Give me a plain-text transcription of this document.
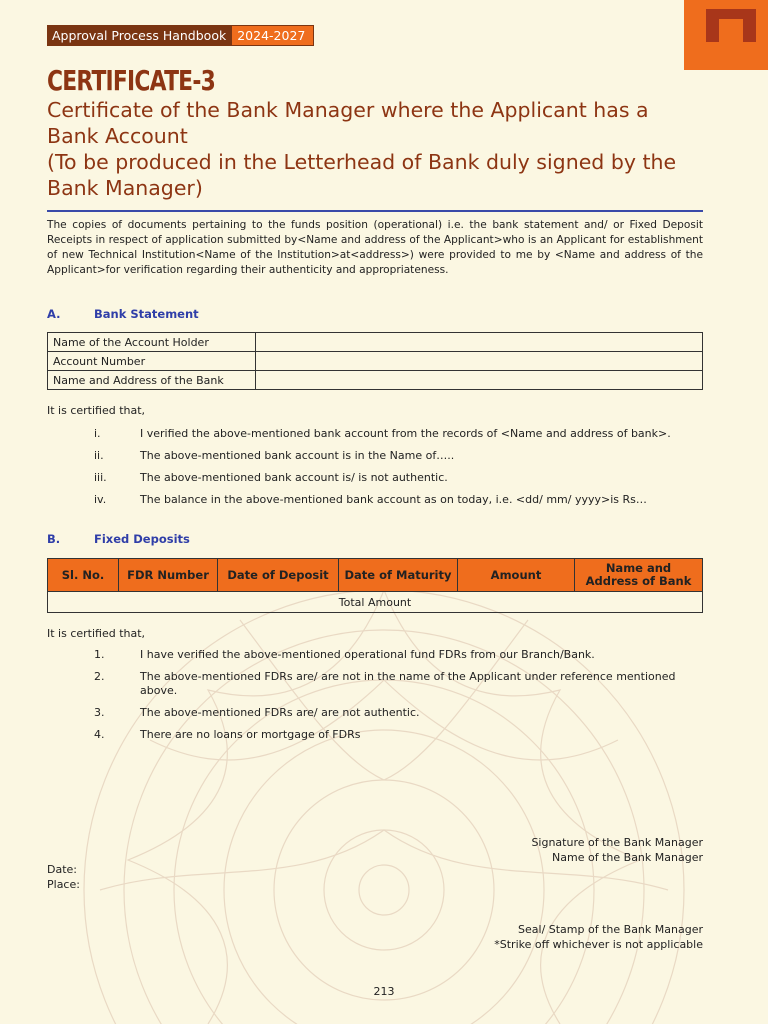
Approval Process Handbook 2024-2027
CERTIFICATE-3
Certificate of the Bank Manager where the Applicant has a
Bank Account
(To be produced in the Letterhead of Bank duly signed by the
Bank Manager)
The copies of documents pertaining to the funds position (operational) i.e. the bank statement and/ or Fixed Deposit Receipts in respect of application submitted by<Name and address of the Applicant>who is an Applicant for establishment of new Technical Institution<Name of the Institution>at<address>) were provided to me by <Name and address of the Applicant>for verification regarding their authenticity and appropriateness.
A.	Bank Statement
Name of the Account Holder	
Account Number	
Name and Address of the Bank	
It is certified that,
i.	I verified the above-mentioned bank account from the records of <Name and address of bank>.
ii.	The above-mentioned bank account is in the Name of…..
iii.	The above-mentioned bank account is/ is not authentic.
iv.	The balance in the above-mentioned bank account as on today, i.e. <dd/ mm/ yyyy>is Rs…
B.	Fixed Deposits
Sl. No.	FDR Number	Date of Deposit	Date of Maturity	Amount	Name and Address of Bank
Total Amount
It is certified that,
1.	I have verified the above-mentioned operational fund FDRs from our Branch/Bank.
2.	The above-mentioned FDRs are/ are not in the name of the Applicant under reference mentioned above.
3.	The above-mentioned FDRs are/ are not authentic.
4.	There are no loans or mortgage of FDRs
Signature of the Bank Manager
Name of the Bank Manager
Date:
Place:
Seal/ Stamp of the Bank Manager
*Strike off whichever is not applicable
213
